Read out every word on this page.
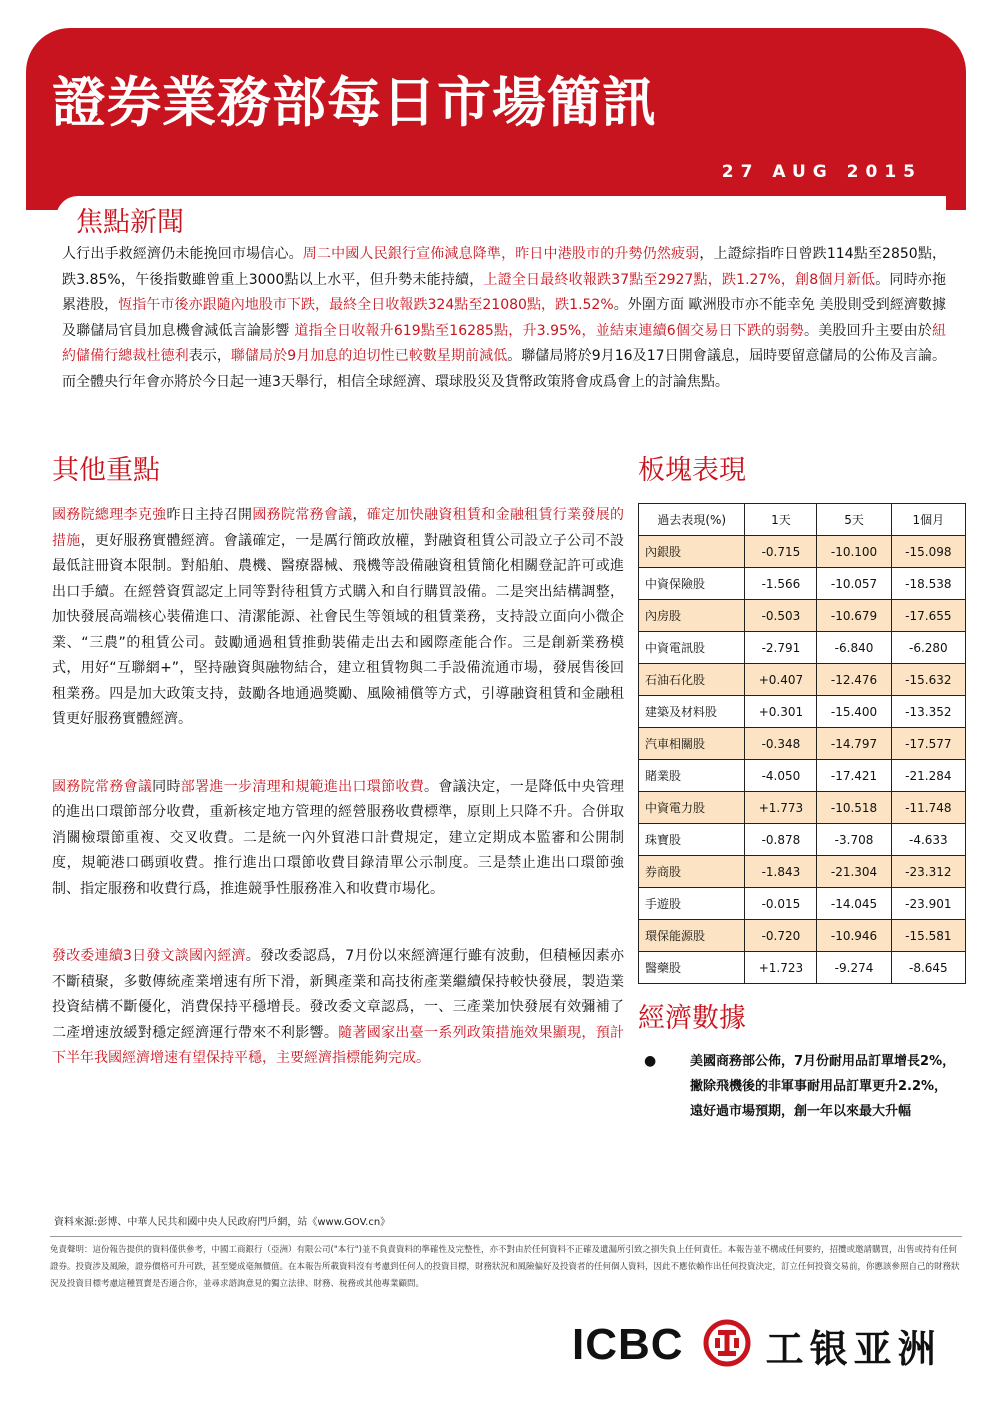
證券業務部每日市場簡訊
27 AUG 2015
焦點新聞
人行出手救經濟仍未能挽回市場信心。周二中國人民銀行宣佈減息降準，昨日中港股市的升勢仍然疲弱，上證綜指昨日曾跌114點至2850點，跌3.85%，午後指數雖曾重上3000點以上水平，但升勢未能持續，上證全日最終收報跌37點至2927點，跌1.27%，創8個月新低。同時亦拖累港股，恆指午市後亦跟隨內地股市下跌，最終全日收報跌324點至21080點，跌1.52%。外圍方面 歐洲股市亦不能幸免 美股則受到經濟數據及聯儲局官員加息機會減低言論影響 道指全日收報升619點至16285點，升3.95%，並結束連續6個交易日下跌的弱勢。美股回升主要由於紐約儲備行總裁杜德利表示，聯儲局於9月加息的迫切性已較數星期前減低。聯儲局將於9月16及17日開會議息，屆時要留意儲局的公佈及言論。而全體央行年會亦將於今日起一連3天舉行，相信全球經濟、環球股災及貨幣政策將會成爲會上的討論焦點。
其他重點
國務院總理李克強昨日主持召開國務院常務會議，確定加快融資租賃和金融租賃行業發展的措施，更好服務實體經濟。會議確定，一是厲行簡政放權，對融資租賃公司設立子公司不設最低註冊資本限制。對船舶、農機、醫療器械、飛機等設備融資租賃簡化相關登記許可或進出口手續。在經營資質認定上同等對待租賃方式購入和自行購買設備。二是突出結構調整，加快發展高端核心裝備進口、清潔能源、社會民生等領域的租賃業務，支持設立面向小微企業、“三農”的租賃公司。鼓勵通過租賃推動裝備走出去和國際產能合作。三是創新業務模式，用好“互聯網+”，堅持融資與融物結合，建立租賃物與二手設備流通市場，發展售後回租業務。四是加大政策支持，鼓勵各地通過獎勵、風險補償等方式，引導融資租賃和金融租賃更好服務實體經濟。
國務院常務會議同時部署進一步清理和規範進出口環節收費。會議決定，一是降低中央管理的進出口環節部分收費，重新核定地方管理的經營服務收費標準，原則上只降不升。合併取消關檢環節重複、交叉收費。二是統一內外貿港口計費規定，建立定期成本監審和公開制度，規範港口碼頭收費。推行進出口環節收費目錄清單公示制度。三是禁止進出口環節強制、指定服務和收費行爲，推進競爭性服務准入和收費市場化。
發改委連續3日發文談國內經濟。發改委認爲，7月份以來經濟運行雖有波動，但積極因素亦不斷積聚，多數傳統產業增速有所下滑，新興產業和高技術產業繼續保持較快發展，製造業投資結構不斷優化，消費保持平穩增長。發改委文章認爲，一、三產業加快發展有效彌補了二產增速放緩對穩定經濟運行帶來不利影響。隨著國家出臺一系列政策措施效果顯現，預計下半年我國經濟增速有望保持平穩，主要經濟指標能夠完成。
板塊表現
過去表現(%)	1天	5天	1個月
內銀股	-0.715	-10.100	-15.098
中資保險股	-1.566	-10.057	-18.538
內房股	-0.503	-10.679	-17.655
中資電訊股	-2.791	-6.840	-6.280
石油石化股	+0.407	-12.476	-15.632
建築及材料股	+0.301	-15.400	-13.352
汽車相關股	-0.348	-14.797	-17.577
賭業股	-4.050	-17.421	-21.284
中資電力股	+1.773	-10.518	-11.748
珠寶股	-0.878	-3.708	-4.633
券商股	-1.843	-21.304	-23.312
手遊股	-0.015	-14.045	-23.901
環保能源股	-0.720	-10.946	-15.581
醫藥股	+1.723	-9.274	-8.645
經濟數據
●	美國商務部公佈，7月份耐用品訂單增長2%，撇除飛機後的非軍事耐用品訂單更升2.2%，遠好過市場預期，創一年以來最大升幅
資料來源:彭博、中華人民共和國中央人民政府門戶網，站《www.GOV.cn》
免責聲明：這份報告提供的資料僅供參考，中國工商銀行（亞洲）有限公司("本行")並不負責資料的準確性及完整性，亦不對由於任何資料不正確及遺漏所引致之損失負上任何責任。本報告並不構成任何要約，招攬或邀請購買，出售或持有任何證券。投資涉及風險，證券價格可升可跌，甚至變成毫無價值。在本報告所載資料沒有考慮到任何人的投資目標，財務狀況和風險偏好及投資者的任何個人資料，因此不應依賴作出任何投資決定，訂立任何投資交易前，你應該參照自己的財務狀況及投資目標考慮這種買賣是否適合你，並尋求諮詢意見的獨立法律、財務、稅務或其他專業顧問。
ICBC 工银亚洲
